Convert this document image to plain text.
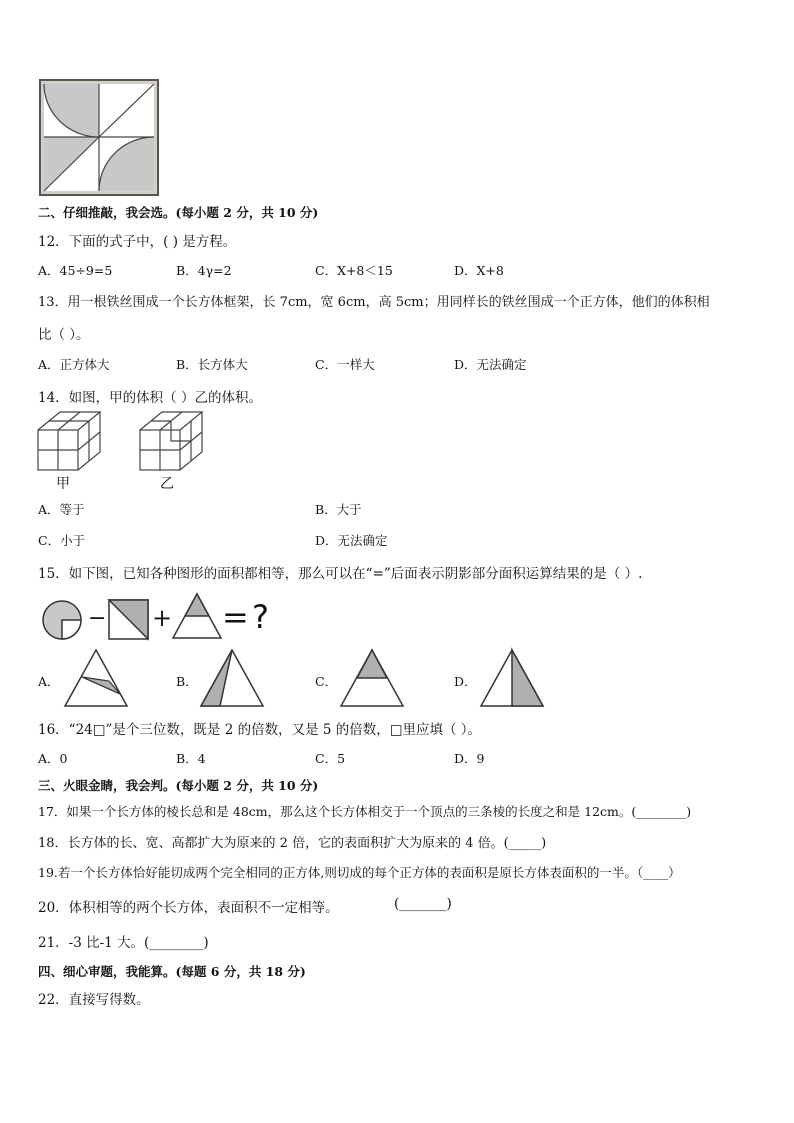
二、仔细推敲，我会选。(每小题 2 分，共 10 分)
12．下面的式子中，( ) 是方程。
A．45÷9=5	B．4γ=2	C．X+8＜15	D．X+8
13．用一根铁丝围成一个长方体框架，长 7cm，宽 6cm，高 5cm；用同样长的铁丝围成一个正方体，他们的体积相
比（ ）。
A．正方体大	B．长方体大	C．一样大	D．无法确定
14．如图，甲的体积（ ）乙的体积。
甲	乙
A．等于	B．大于
C．小于	D．无法确定
15．如下图，已知各种图形的面积都相等，那么可以在“=”后面表示阴影部分面积运算结果的是（ ）.
− + = ?
A．	B．	C．	D．
16．“24□”是个三位数，既是 2 的倍数，又是 5 的倍数，□里应填（ ）。
A．0	B．4	C．5	D．9
三、火眼金睛，我会判。(每小题 2 分，共 10 分)
17．如果一个长方体的棱长总和是 48cm，那么这个长方体相交于一个顶点的三条棱的长度之和是 12cm。(________)
18．长方体的长、宽、高都扩大为原来的 2 倍，它的表面积扩大为原来的 4 倍。(_____)
19.若一个长方体恰好能切成两个完全相同的正方体,则切成的每个正方体的表面积是原长方体表面积的一半。（____）
20．体积相等的两个长方体，表面积不一定相等。	(_______)
21．-3 比-1 大。(________)
四、细心审题，我能算。(每题 6 分，共 18 分)
22．直接写得数。
